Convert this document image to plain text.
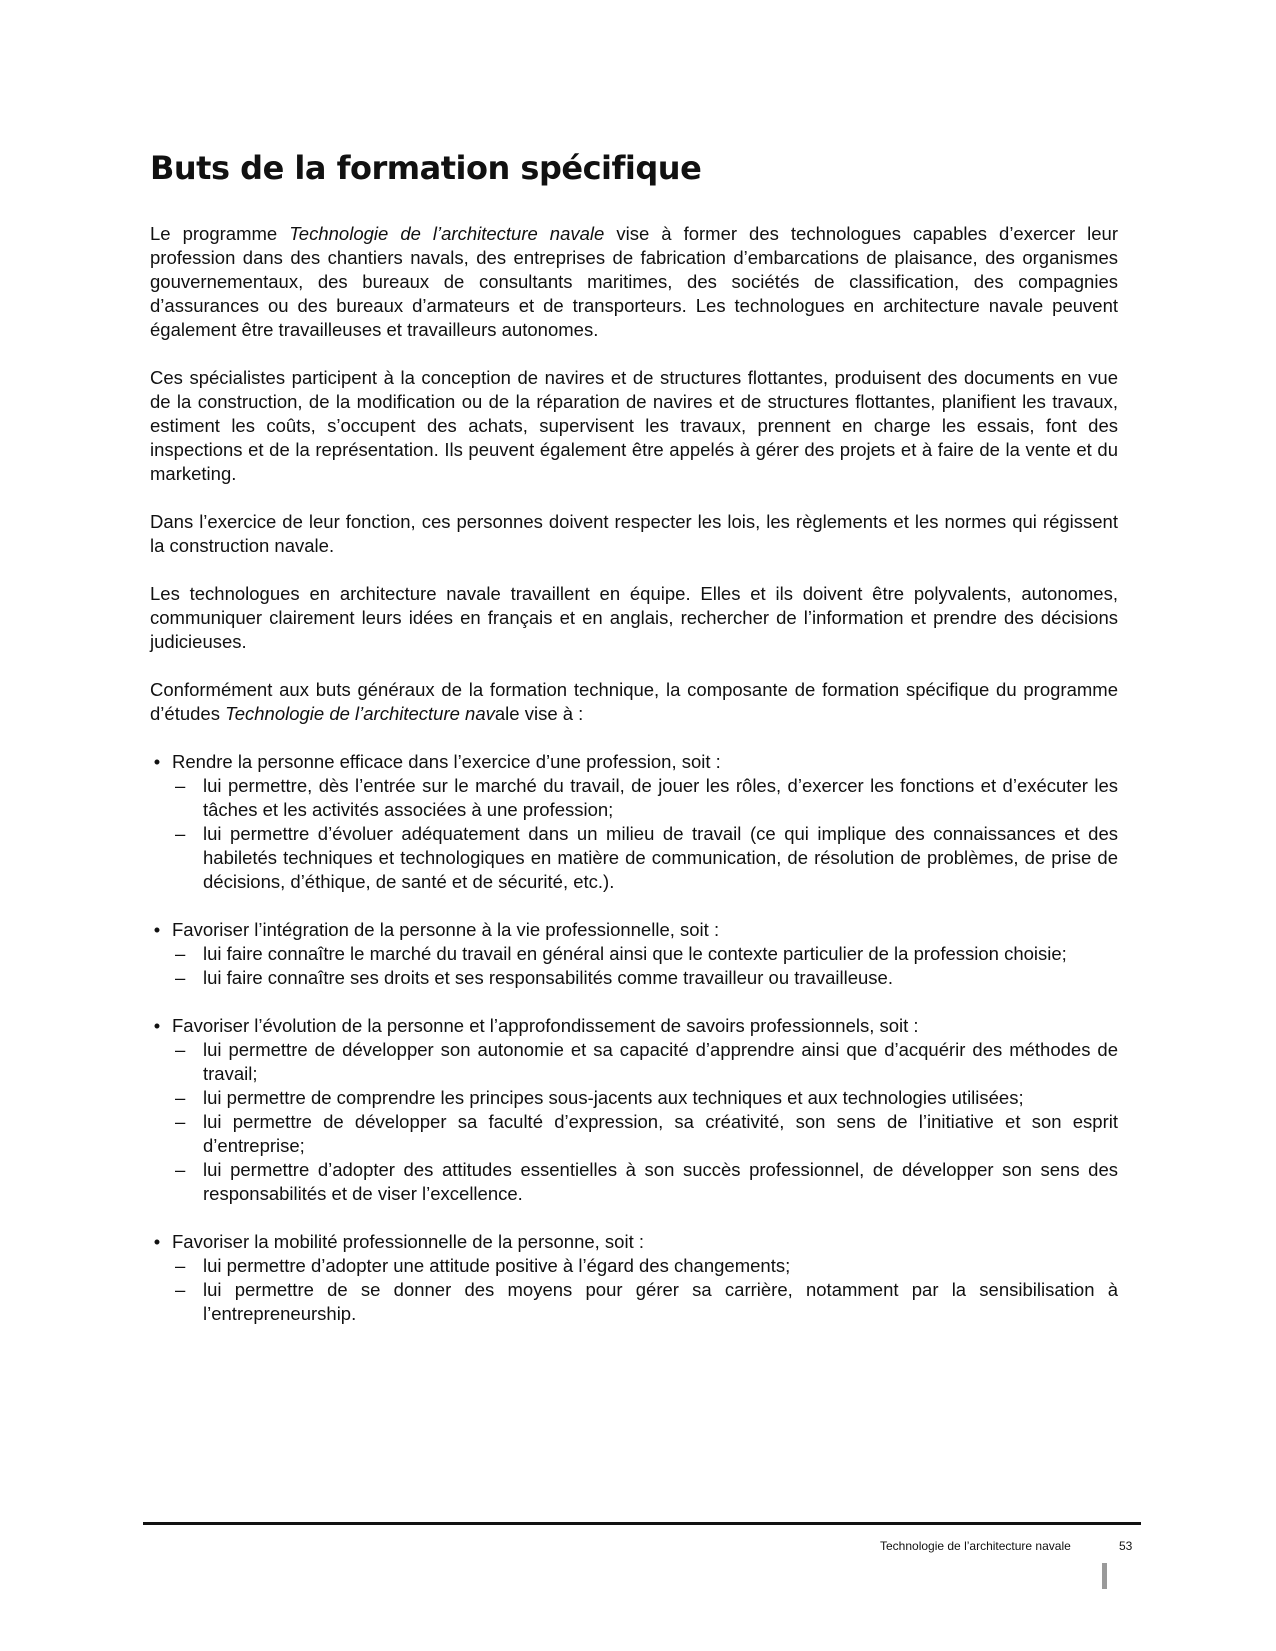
Buts de la formation spécifique

Le programme Technologie de l’architecture navale vise à former des technologues capables d’exercer leur profession dans des chantiers navals, des entreprises de fabrication d’embarcations de plaisance, des organismes gouvernementaux, des bureaux de consultants maritimes, des sociétés de classification, des compagnies d’assurances ou des bureaux d’armateurs et de transporteurs. Les technologues en architecture navale peuvent également être travailleuses et travailleurs autonomes.

Ces spécialistes participent à la conception de navires et de structures flottantes, produisent des documents en vue de la construction, de la modification ou de la réparation de navires et de structures flottantes, planifient les travaux, estiment les coûts, s’occupent des achats, supervisent les travaux, prennent en charge les essais, font des inspections et de la représentation. Ils peuvent également être appelés à gérer des projets et à faire de la vente et du marketing.

Dans l’exercice de leur fonction, ces personnes doivent respecter les lois, les règlements et les normes qui régissent la construction navale.

Les technologues en architecture navale travaillent en équipe. Elles et ils doivent être polyvalents, autonomes, communiquer clairement leurs idées en français et en anglais, rechercher de l’information et prendre des décisions judicieuses.

Conformément aux buts généraux de la formation technique, la composante de formation spécifique du programme d’études Technologie de l’architecture navale vise à :

• Rendre la personne efficace dans l’exercice d’une profession, soit :
– lui permettre, dès l’entrée sur le marché du travail, de jouer les rôles, d’exercer les fonctions et d’exécuter les tâches et les activités associées à une profession;
– lui permettre d’évoluer adéquatement dans un milieu de travail (ce qui implique des connaissances et des habiletés techniques et technologiques en matière de communication, de résolution de problèmes, de prise de décisions, d’éthique, de santé et de sécurité, etc.).
• Favoriser l’intégration de la personne à la vie professionnelle, soit :
– lui faire connaître le marché du travail en général ainsi que le contexte particulier de la profession choisie;
– lui faire connaître ses droits et ses responsabilités comme travailleur ou travailleuse.
• Favoriser l’évolution de la personne et l’approfondissement de savoirs professionnels, soit :
– lui permettre de développer son autonomie et sa capacité d’apprendre ainsi que d’acquérir des méthodes de travail;
– lui permettre de comprendre les principes sous-jacents aux techniques et aux technologies utilisées;
– lui permettre de développer sa faculté d’expression, sa créativité, son sens de l’initiative et son esprit d’entreprise;
– lui permettre d’adopter des attitudes essentielles à son succès professionnel, de développer son sens des responsabilités et de viser l’excellence.
• Favoriser la mobilité professionnelle de la personne, soit :
– lui permettre d’adopter une attitude positive à l’égard des changements;
– lui permettre de se donner des moyens pour gérer sa carrière, notamment par la sensibilisation à l’entrepreneurship.
Technologie de l’architecture navale	53
